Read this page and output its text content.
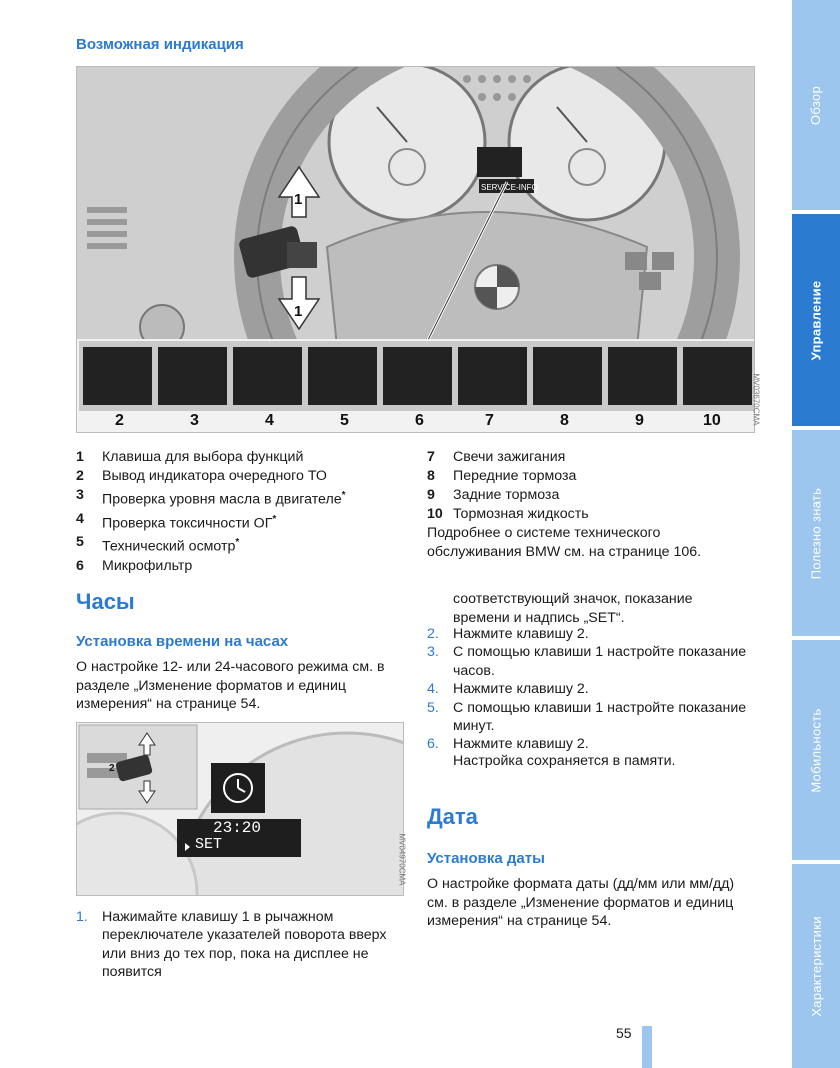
Возможная индикация
SERVICE-INFO
1
1
2	3	4	5	6	7	8	9	10	MV03670CMA
1	Клавиша для выбора функций
2	Вывод индикатора очередного ТО
3	Проверка уровня масла в двигателе*
4	Проверка токсичности ОГ*
5	Технический осмотр*
6	Микрофильтр
7	Свечи зажигания
8	Передние тормоза
9	Задние тормоза
10 Тормозная жидкость
Подробнее о системе технического обслуживания BMW см. на странице 106.
Часы
Установка времени на часах
О настройке 12- или 24-часового режима см. в разделе „Изменение форматов и единиц измерения“ на странице 54.
2
23:20
SET	MV04970CMA
1. Нажимайте клавишу 1 в рычажном переключателе указателей поворота вверх или вниз до тех пор, пока на дисплее не появится
соответствующий значок, показание времени и надпись „SET“.
2. Нажмите клавишу 2.
3. С помощью клавиши 1 настройте показание часов.
4. Нажмите клавишу 2.
5. С помощью клавиши 1 настройте показание минут.
6. Нажмите клавишу 2.
Настройка сохраняется в памяти.
Дата
Установка даты
О настройке формата даты (дд/мм или мм/дд) см. в разделе „Изменение форматов и единиц измерения“ на странице 54.
55
Обзор
Управление
Полезно знать
Мобильность
Характеристики
